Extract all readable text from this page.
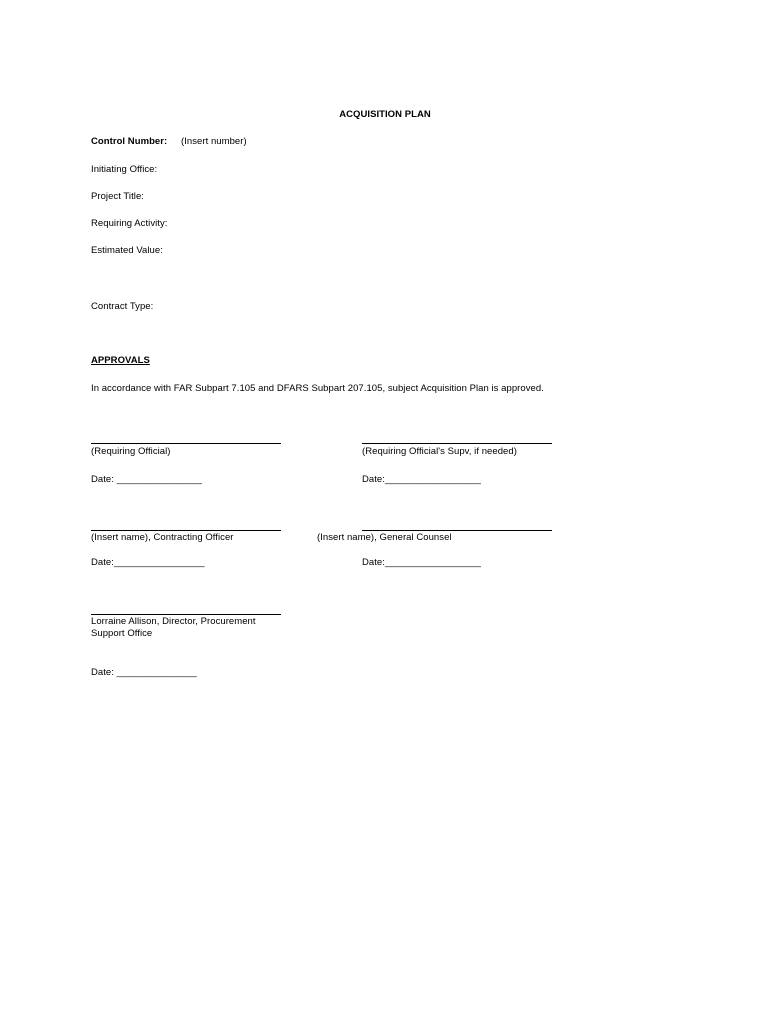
ACQUISITION PLAN
Control Number: (Insert number)
Initiating Office:
Project Title:
Requiring Activity:
Estimated Value:
Contract Type:
APPROVALS
In accordance with FAR Subpart 7.105 and DFARS Subpart 207.105, subject Acquisition Plan is approved.
(Requiring Official)
Date: ________________
(Requiring Official's Supv, if needed)
Date:__________________
(Insert name), Contracting Officer
Date:_________________
(Insert name), General Counsel
Date:__________________
Lorraine Allison, Director, Procurement Support Office
Date: _______________
